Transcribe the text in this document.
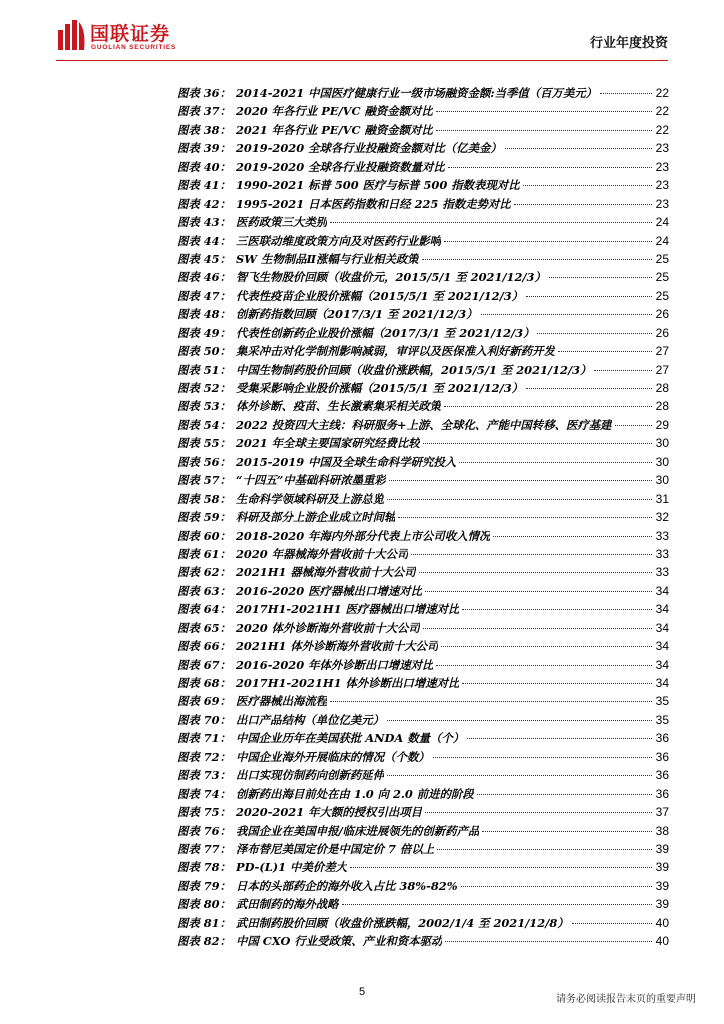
国联证券
GUOLIAN SECURITIES	行业年度投资
图表 36： 2014-2021 中国医疗健康行业一级市场融资金额:当季值（百万美元）	22
图表 37： 2020 年各行业 PE/VC 融资金额对比	22
图表 38： 2021 年各行业 PE/VC 融资金额对比	22
图表 39： 2019-2020 全球各行业投融资金额对比（亿美金）	23
图表 40： 2019-2020 全球各行业投融资数量对比	23
图表 41： 1990-2021 标普 500 医疗与标普 500 指数表现对比	23
图表 42： 1995-2021 日本医药指数和日经 225 指数走势对比	23
图表 43： 医药政策三大类别	24
图表 44： 三医联动维度政策方向及对医药行业影响	24
图表 45： SW 生物制品Ⅱ涨幅与行业相关政策	25
图表 46： 智飞生物股价回顾（收盘价元，2015/5/1 至 2021/12/3）	25
图表 47： 代表性疫苗企业股价涨幅（2015/5/1 至 2021/12/3）	25
图表 48： 创新药指数回顾（2017/3/1 至 2021/12/3）	26
图表 49： 代表性创新药企业股价涨幅（2017/3/1 至 2021/12/3）	26
图表 50： 集采冲击对化学制剂影响减弱，审评以及医保准入利好新药开发	27
图表 51： 中国生物制药股价回顾（收盘价涨跌幅，2015/5/1 至 2021/12/3）	27
图表 52： 受集采影响企业股价涨幅（2015/5/1 至 2021/12/3）	28
图表 53： 体外诊断、疫苗、生长激素集采相关政策	28
图表 54： 2022 投资四大主线：科研服务+上游、全球化、产能中国转移、医疗基建	29
图表 55： 2021 年全球主要国家研究经费比较	30
图表 56： 2015-2019 中国及全球生命科学研究投入	30
图表 57： “十四五”中基础科研浓墨重彩	30
图表 58： 生命科学领域科研及上游总览	31
图表 59： 科研及部分上游企业成立时间轴	32
图表 60： 2018-2020 年海内外部分代表上市公司收入情况	33
图表 61： 2020 年器械海外营收前十大公司	33
图表 62： 2021H1 器械海外营收前十大公司	33
图表 63： 2016-2020 医疗器械出口增速对比	34
图表 64： 2017H1-2021H1 医疗器械出口增速对比	34
图表 65： 2020 体外诊断海外营收前十大公司	34
图表 66： 2021H1 体外诊断海外营收前十大公司	34
图表 67： 2016-2020 年体外诊断出口增速对比	34
图表 68： 2017H1-2021H1 体外诊断出口增速对比	34
图表 69： 医疗器械出海流程	35
图表 70： 出口产品结构（单位亿美元）	35
图表 71： 中国企业历年在美国获批 ANDA 数量（个）	36
图表 72： 中国企业海外开展临床的情况（个数）	36
图表 73： 出口实现仿制药向创新药延伸	36
图表 74： 创新药出海目前处在由 1.0 向 2.0 前进的阶段	36
图表 75： 2020-2021 年大额的授权引出项目	37
图表 76： 我国企业在美国申报/临床进展领先的创新药产品	38
图表 77： 泽布替尼美国定价是中国定价 7 倍以上	39
图表 78： PD-(L)1 中美价差大	39
图表 79： 日本的头部药企的海外收入占比 38%-82%	39
图表 80： 武田制药的海外战略	39
图表 81： 武田制药股价回顾（收盘价涨跌幅，2002/1/4 至 2021/12/8）	40
图表 82： 中国 CXO 行业受政策、产业和资本驱动	40
5
请务必阅读报告末页的重要声明
